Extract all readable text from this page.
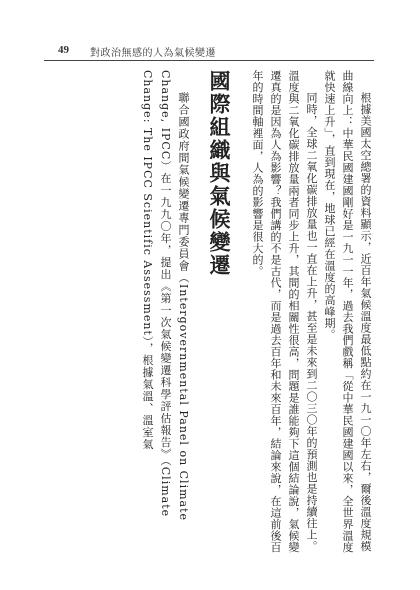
49 對政治無感的人為氣候變遷

根據美國太空總署的資料顯示，近百年氣候溫度最低點約在一九一〇年左右，爾後溫度規模曲線向上：中華民國建國剛好是一九一一年，過去我們戲稱「從中華民國建國以來，全世界溫度就快速上升」，直到現在，地球已經在溫度的高峰期。

同時，全球二氧化碳排放量也一直在上升，甚至是未來到二〇三〇年的預測也是持續往上。溫度與二氧化碳排放量兩者同步上升，其間的相關性很高，問題是誰能夠下這個結論說，氣候變遷真的是因為人為影響？我們講的不是古代，而是過去百年和未來百年，結論來說，在這前後百年的時間軸裡面，人為的影響是很大的。

國際組織與氣候變遷

聯合國政府間氣候變遷專門委員會（Intergovernmental Panel on Climate Change, IPCC）在一九九〇年，提出《第一次氣候變遷科學評估報告》（Climate Change: The IPCC Scientific Assessment），根據氣溫、溫室氣
